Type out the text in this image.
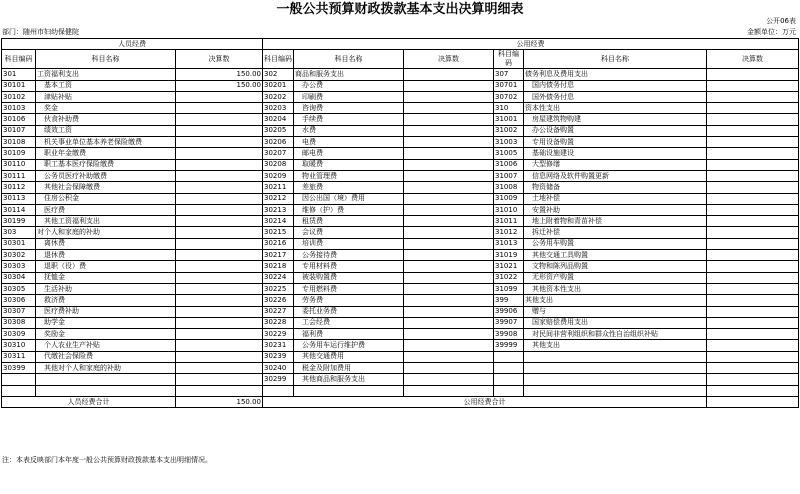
一般公共预算财政拨款基本支出决算明细表
公开06表
部门：随州市妇幼保健院	金额单位：万元
人员经费			公用经费					
科目编码	科目名称	决算数	科目编码	科目名称	决算数	科目编码	科目名称	决算数
301	工资福利支出	150.00	302	商品和服务支出		307	债务利息及费用支出	
30101	基本工资	150.00	30201	办公费		30701	国内债务付息	
30102	津贴补贴		30202	印刷费		30702	国外债务付息	
30103	奖金		30203	咨询费		310	资本性支出	
30106	伙食补助费		30204	手续费		31001	房屋建筑物购建	
30107	绩效工资		30205	水费		31002	办公设备购置	
30108	机关事业单位基本养老保险缴费		30206	电费		31003	专用设备购置	
30109	职业年金缴费		30207	邮电费		31005	基础设施建设	
30110	职工基本医疗保险缴费		30208	取暖费		31006	大型修缮	
30111	公务员医疗补助缴费		30209	物业管理费		31007	信息网络及软件购置更新	
30112	其他社会保障缴费		30211	差旅费		31008	物资储备	
30113	住房公积金		30212	因公出国（境）费用		31009	土地补偿	
30114	医疗费		30213	维修（护）费		31010	安置补助	
30199	其他工资福利支出		30214	租赁费		31011	地上附着物和青苗补偿	
303	对个人和家庭的补助		30215	会议费		31012	拆迁补偿	
30301	离休费		30216	培训费		31013	公务用车购置	
30302	退休费		30217	公务接待费		31019	其他交通工具购置	
30303	退职（役）费		30218	专用材料费		31021	文物和陈列品购置	
30304	抚恤金		30224	被装购置费		31022	无形资产购置	
30305	生活补助		30225	专用燃料费		31099	其他资本性支出	
30306	救济费		30226	劳务费		399	其他支出	
30307	医疗费补助		30227	委托业务费		39906	赠与	
30308	助学金		30228	工会经费		39907	国家赔偿费用支出	
30309	奖励金		30229	福利费		39908	对民间非营利组织和群众性自治组织补贴	
30310	个人农业生产补贴		30231	公务用车运行维护费		39999	其他支出	
30311	代缴社会保险费		30239	其他交通费用				
30399	其他对个人和家庭的补助		30240	税金及附加费用				
			30299	其他商品和服务支出				

人员经费合计		150.00	公用经费合计					
注：本表反映部门本年度一般公共预算财政拨款基本支出明细情况。
